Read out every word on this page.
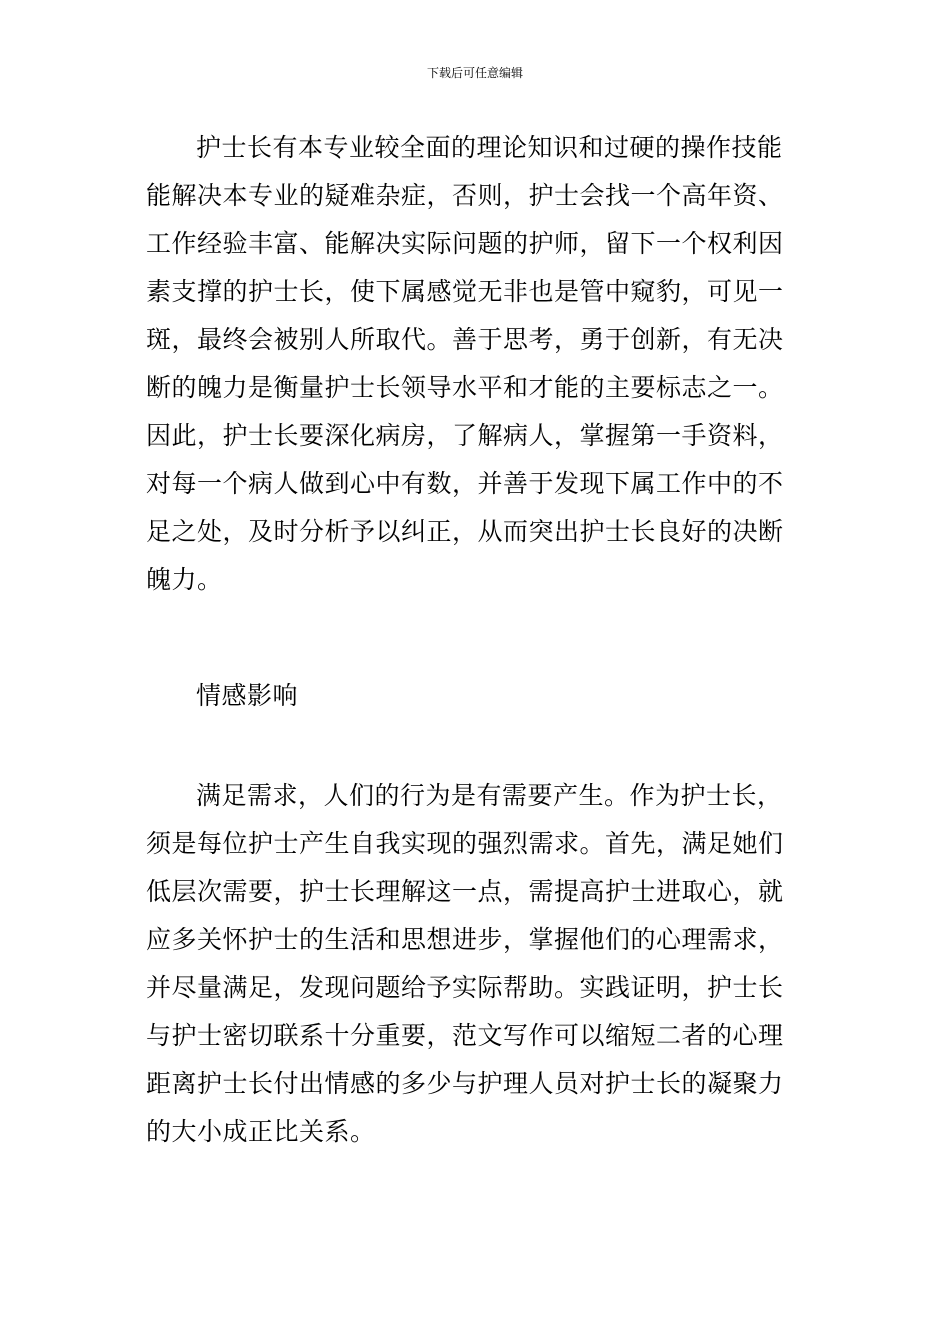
下载后可任意编辑
护士长有本专业较全面的理论知识和过硬的操作技能
能解决本专业的疑难杂症，否则，护士会找一个高年资、
工作经验丰富、能解决实际问题的护师，留下一个权利因
素支撑的护士长，使下属感觉无非也是管中窥豹，可见一
斑，最终会被别人所取代。善于思考，勇于创新，有无决
断的魄力是衡量护士长领导水平和才能的主要标志之一。
因此，护士长要深化病房，了解病人，掌握第一手资料，
对每一个病人做到心中有数，并善于发现下属工作中的不
足之处，及时分析予以纠正，从而突出护士长良好的决断
魄力。
情感影响
满足需求，人们的行为是有需要产生。作为护士长，
须是每位护士产生自我实现的强烈需求。首先，满足她们
低层次需要，护士长理解这一点，需提高护士进取心，就
应多关怀护士的生活和思想进步，掌握他们的心理需求，
并尽量满足，发现问题给予实际帮助。实践证明，护士长
与护士密切联系十分重要，范文写作可以缩短二者的心理
距离护士长付出情感的多少与护理人员对护士长的凝聚力
的大小成正比关系。
